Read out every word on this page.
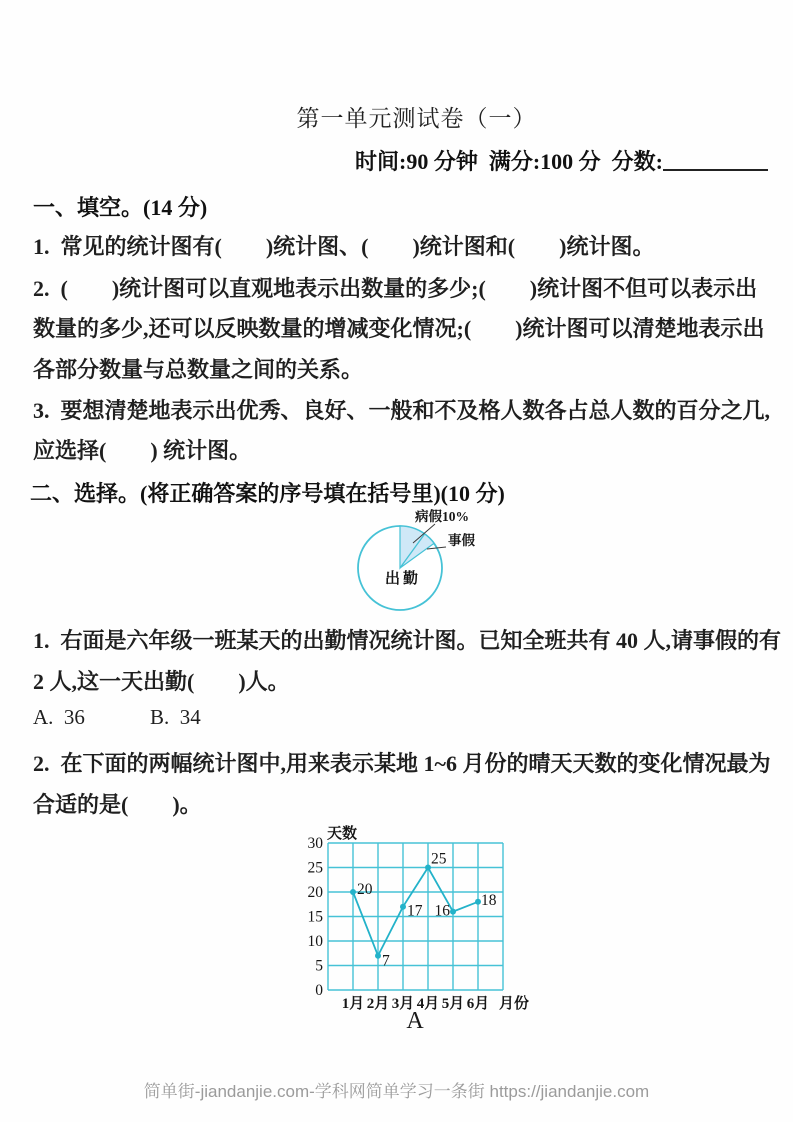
第一单元测试卷（一）
时间:90 分钟  满分:100 分  分数:
一、填空。(14 分)
1.  常见的统计图有(　　)统计图、(　　)统计图和(　　)统计图。
2.  (　　)统计图可以直观地表示出数量的多少;(　　)统计图不但可以表示出
数量的多少,还可以反映数量的增减变化情况;(　　)统计图可以清楚地表示出
各部分数量与总数量之间的关系。
3.  要想清楚地表示出优秀、良好、一般和不及格人数各占总人数的百分之几,
应选择(　　) 统计图。
二、选择。(将正确答案的序号填在括号里)(10 分)
病假10%
事假
出勤
1.  右面是六年级一班某天的出勤情况统计图。已知全班共有 40 人,请事假的有
2 人,这一天出勤(　　)人。
A.  36	B.  34
2.  在下面的两幅统计图中,用来表示某地 1~6 月份的晴天天数的变化情况最为
合适的是(　　)。
天数
0
5
10
15
20
25
30
1月 2月 3月 4月 5月 6月 月份
20
7
17
25
16
18
A
简单街-jiandanjie.com-学科网简单学习一条街 https://jiandanjie.com
